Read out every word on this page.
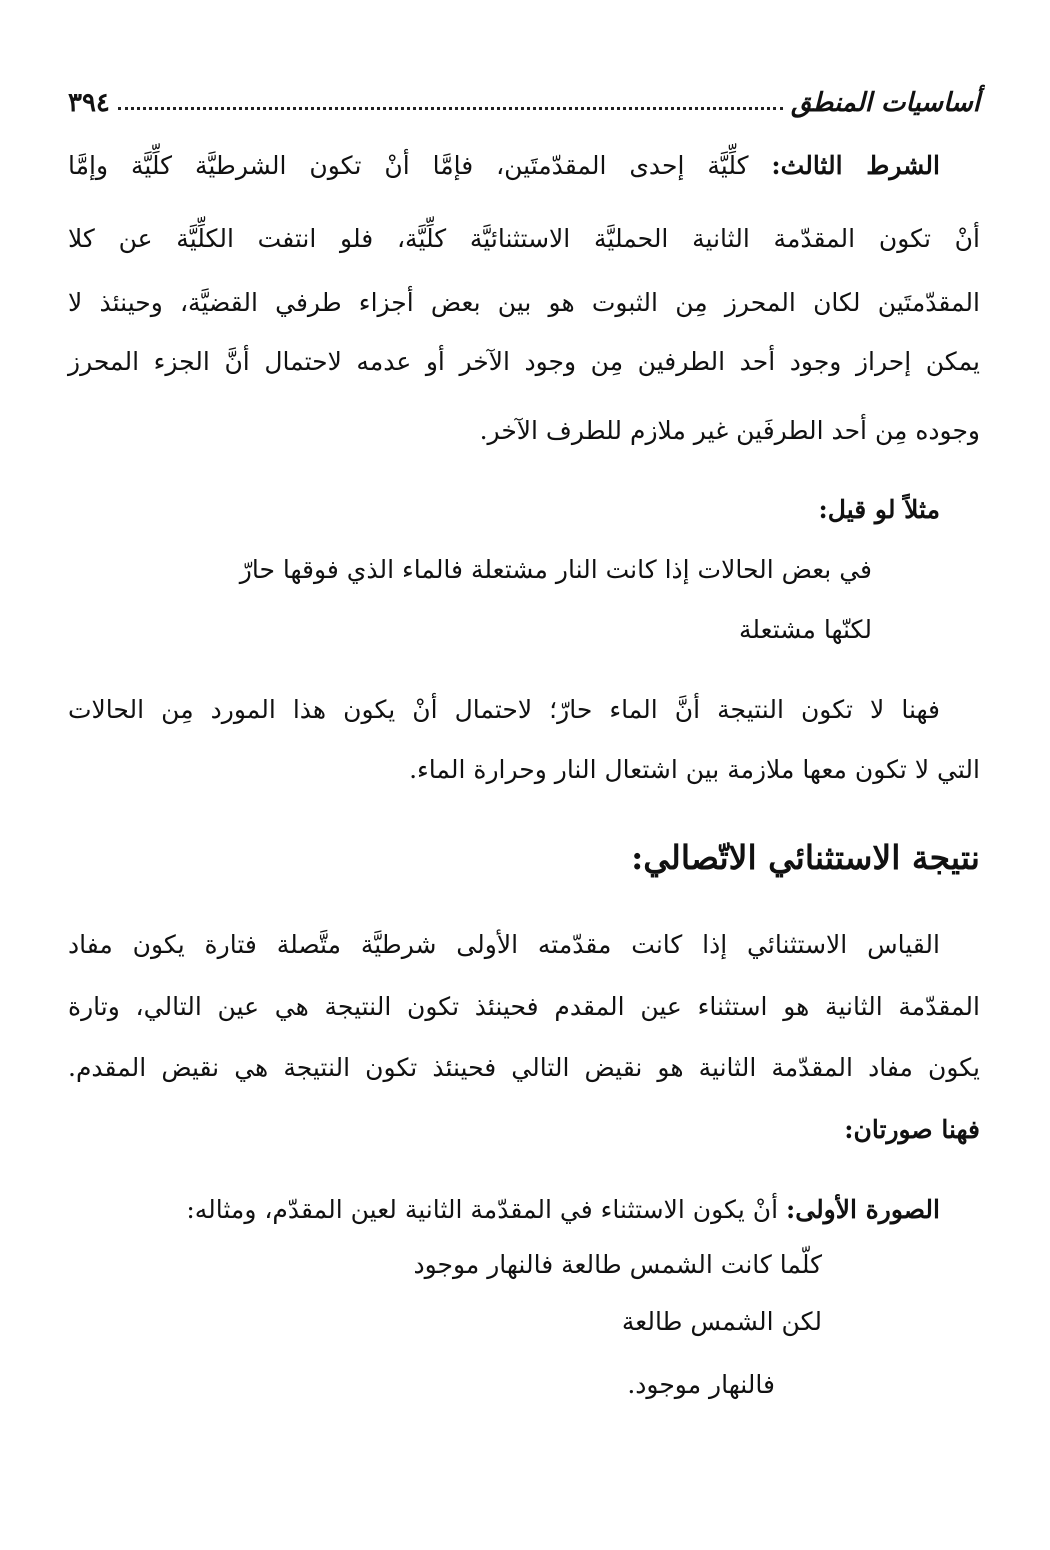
أساسيات المنطق
٣٩٤
الشرط الثالث: كلِّيَّة إحدى المقدّمتَين، فإمَّا أنْ تكون الشرطيَّة كلِّيَّة وإمَّا
أنْ تكون المقدّمة الثانية الحمليَّة الاستثنائيَّة كلِّيَّة، فلو انتفت الكلِّيَّة عن كلا
المقدّمتَين لكان المحرز مِن الثبوت هو بين بعض أجزاء طرفي القضيَّة، وحينئذ لا
يمكن إحراز وجود أحد الطرفين مِن وجود الآخر أو عدمه لاحتمال أنَّ الجزء المحرز
وجوده مِن أحد الطرفَين غير ملازم للطرف الآخر.
مثلاً لو قيل:
في بعض الحالات إذا كانت النار مشتعلة فالماء الذي فوقها حارّ
لكنّها مشتعلة
فهنا لا تكون النتيجة أنَّ الماء حارّ؛ لاحتمال أنْ يكون هذا المورد مِن الحالات
التي لا تكون معها ملازمة بين اشتعال النار وحرارة الماء.
نتيجة الاستثنائي الاتّصالي:
القياس الاستثنائي إذا كانت مقدّمته الأولى شرطيَّة متَّصلة فتارة يكون مفاد
المقدّمة الثانية هو استثناء عين المقدم فحينئذ تكون النتيجة هي عين التالي، وتارة
يكون مفاد المقدّمة الثانية هو نقيض التالي فحينئذ تكون النتيجة هي نقيض المقدم.
فهنا صورتان:
الصورة الأولى: أنْ يكون الاستثناء في المقدّمة الثانية لعين المقدّم، ومثاله:
كلّما كانت الشمس طالعة فالنهار موجود
لكن الشمس طالعة
فالنهار موجود.
